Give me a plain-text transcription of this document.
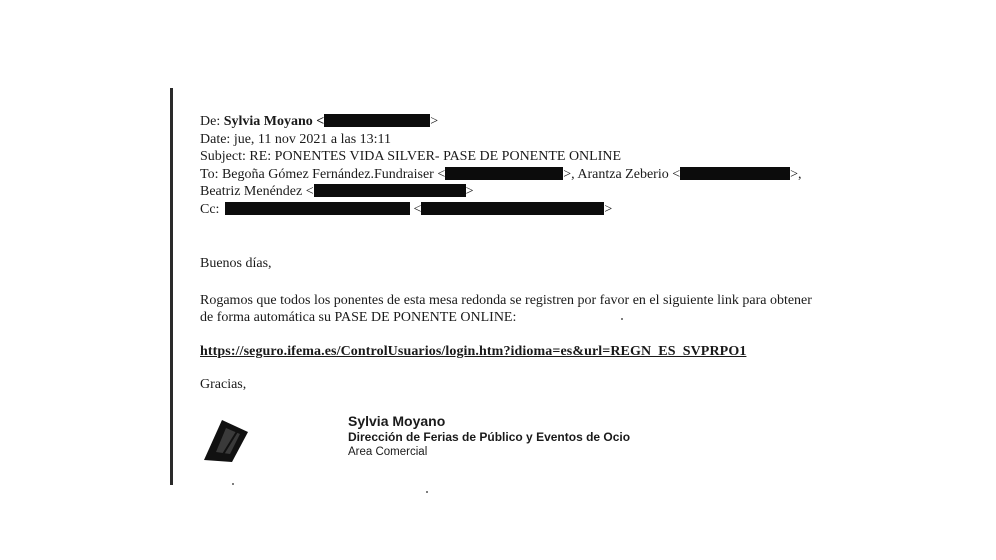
De: Sylvia Moyano <	>
Date: jue, 11 nov 2021 a las 13:11
Subject: RE: PONENTES VIDA SILVER- PASE DE PONENTE ONLINE
To: Begoña Gómez Fernández.Fundraiser <	>, Arantza Zeberio <	>,
Beatriz Menéndez <	>
Cc:	<	>
Buenos días,
Rogamos que todos los ponentes de esta mesa redonda se registren por favor en el siguiente link para obtener de forma automática su PASE DE PONENTE ONLINE:
https://seguro.ifema.es/ControlUsuarios/login.htm?idioma=es&url=REGN_ES_SVPRPO1
Gracias,
Sylvia Moyano
Dirección de Ferias de Público y Eventos de Ocio
Area Comercial
